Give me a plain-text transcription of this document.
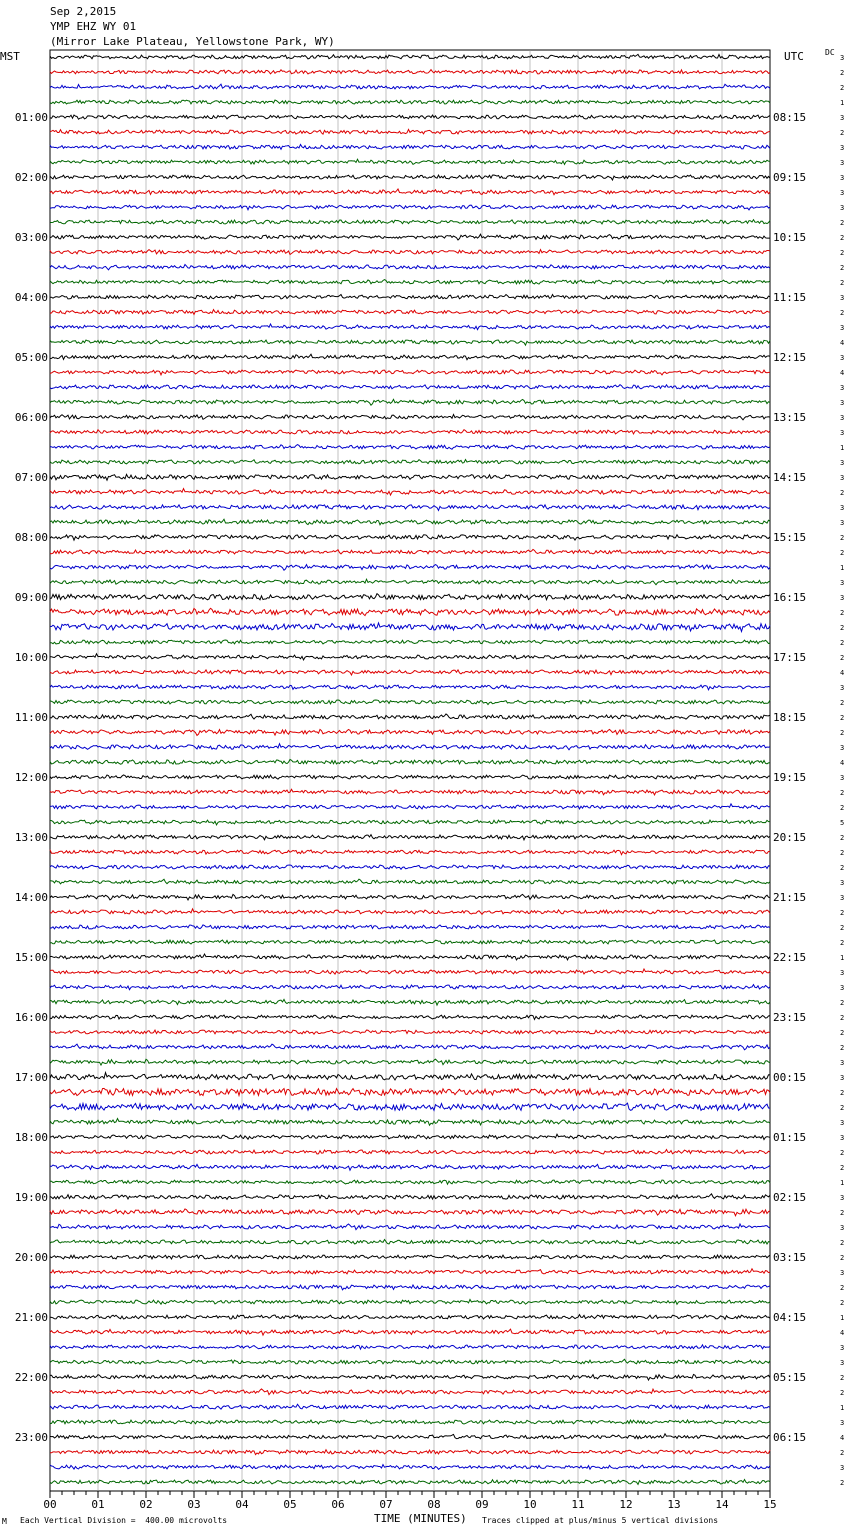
Sep 2,2015
YMP EHZ WY 01
(Mirror Lake Plateau, Yellowstone Park, WY)
MST	UTC	DC
3
2
2
1
3
2
3
3
3
3
3
2
2
2
2
2
3
2
3
4
3
4
3
3
3
3
1
3
3
2
3
3
2
2
1
3
3
2
2
2
2
4
3
2
2
2
3
4
3
2
2
5
2
2
2
3
3
2
2
2
1
3
3
2
2
2
2
3
3
2
2
3
3
2
2
1
3
2
3
2
2
3
2
2
1
4
3
3
2
2
1
3
4
2
3
2
01:00
02:00
03:00
04:00
05:00
06:00
07:00
08:00
09:00
10:00
11:00
12:00
13:00
14:00
15:00
16:00
17:00
18:00
19:00
20:00
21:00
22:00
23:00
08:15
09:15
10:15
11:15
12:15
13:15
14:15
15:15
16:15
17:15
18:15
19:15
20:15
21:15
22:15
23:15
00:15
01:15
02:15
03:15
04:15
05:15
06:15
00	01	02	03	04	05	06	07	08	09	10	11	12	13	14	15
TIME (MINUTES)
M Each Vertical Division =  400.00 microvolts	Traces clipped at plus/minus 5 vertical divisions
